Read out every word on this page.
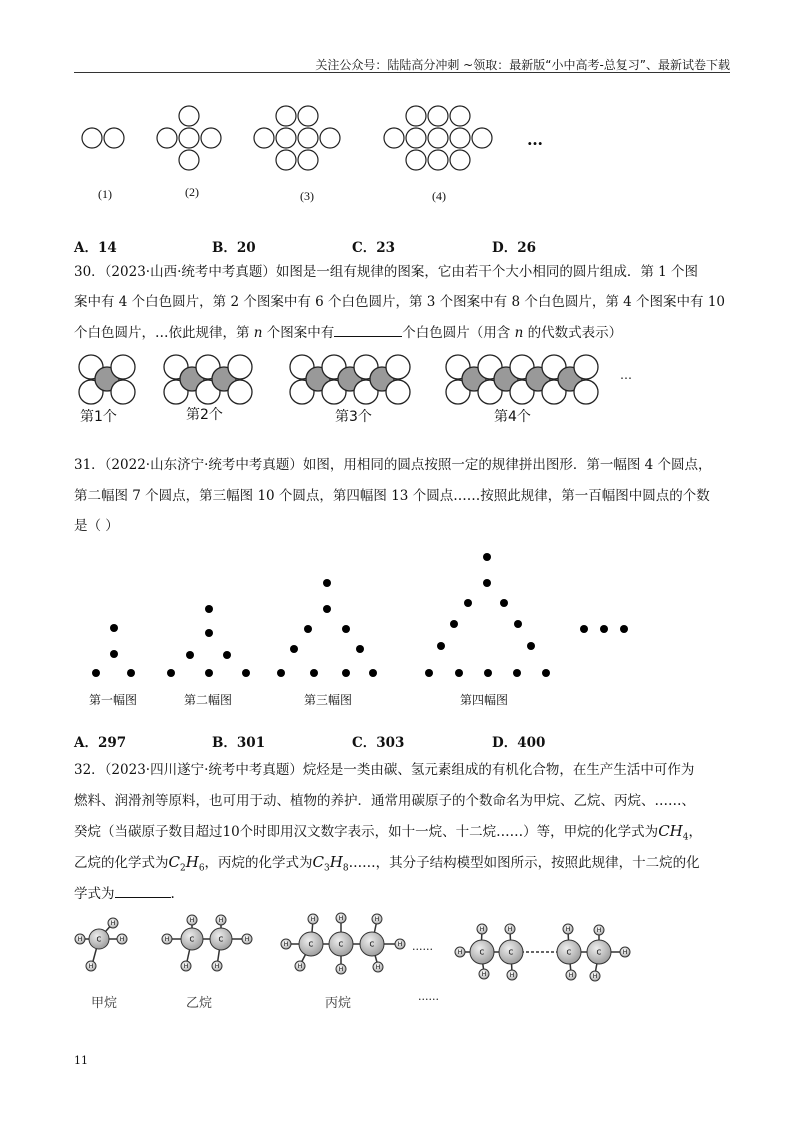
关注公众号：陆陆高分冲刺 ~领取：最新版“小中高考-总复习”、最新试卷下载
(1)	(2)	(3)	(4)
…
A．14	B．20	C．23	D．26
30．（2023·山西·统考中考真题）如图是一组有规律的图案，它由若干个大小相同的圆片组成．第 1 个图
案中有 4 个白色圆片，第 2 个图案中有 6 个白色圆片，第 3 个图案中有 8 个白色圆片，第 4 个图案中有 10
个白色圆片，…依此规律，第 n 个图案中有	个白色圆片（用含 n 的代数式表示）
…
第1个	第2个	第3个	第4个
31．（2022·山东济宁·统考中考真题）如图，用相同的圆点按照一定的规律拼出图形．第一幅图 4 个圆点，
第二幅图 7 个圆点，第三幅图 10 个圆点，第四幅图 13 个圆点……按照此规律，第一百幅图中圆点的个数
是（ ）
第一幅图	第二幅图	第三幅图	第四幅图
A．297	B．301	C．303	D．400
32．（2023·四川遂宁·统考中考真题）烷烃是一类由碳、氢元素组成的有机化合物，在生产生活中可作为
燃料、润滑剂等原料，也可用于动、植物的养护．通常用碳原子的个数命名为甲烷、乙烷、丙烷、……、
癸烷（当碳原子数目超过10个时即用汉文数字表示，如十一烷、十二烷……）等，甲烷的化学式为$CH_4$，
乙烷的化学式为$C_2H_6$，丙烷的化学式为$C_3H_8\dots\dots$，其分子结构模型如图所示，按照此规律，十二烷的化
学式为	.
C
H
H	H
H
C	C
H	H
H
H
H
H
C	C	C
H	H
H
H
H
H
H
H
H C	C
H
H
H
H
C	C
H
H
H
H
H
......
......
甲烷	乙烷	丙烷
11
